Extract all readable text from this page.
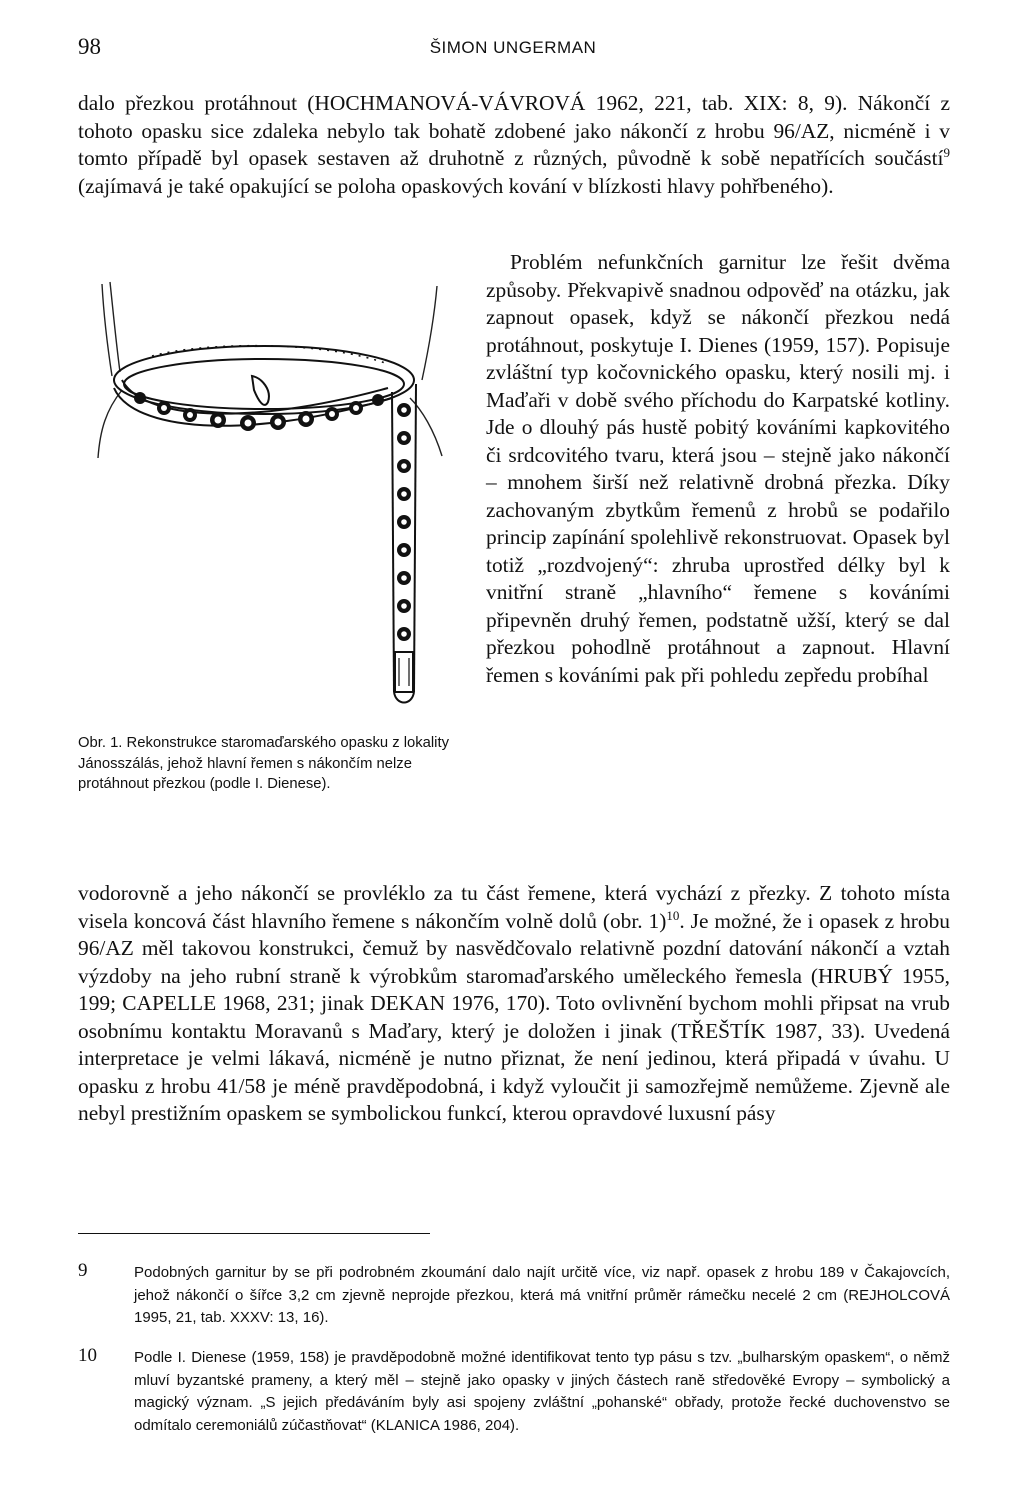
98	ŠIMON UNGERMAN

dalo přezkou protáhnout (HOCHMANOVÁ-VÁVROVÁ 1962, 221, tab. XIX: 8, 9). Nákončí z tohoto opasku sice zdaleka nebylo tak bohatě zdobené jako nákončí z hrobu 96/AZ, nicméně i v tomto případě byl opasek sestaven až druhotně z různých, původně k sobě nepatřících součástí$^9$ (zajímavá je také opakující se poloha opaskových kování v blízkosti hlavy pohřbeného).

Obr. 1. Rekonstrukce staromaďarského opasku z lokality Jánosszálás, jehož hlavní řemen s nákončím nelze protáhnout přezkou (podle I. Dienese).

Problém nefunkčních garnitur lze řešit dvěma způsoby. Překvapivě snadnou odpověď na otázku, jak zapnout opasek, když se nákončí přezkou nedá protáhnout, poskytuje I. Dienes (1959, 157). Popisuje zvláštní typ kočovnického opasku, který nosili mj. i Maďaři v době svého příchodu do Karpatské kotliny. Jde o dlouhý pás hustě pobitý kováními kapkovitého či srdcovitého tvaru, která jsou – stejně jako nákončí – mnohem širší než relativně drobná přezka. Díky zachovaným zbytkům řemenů z hrobů se podařilo princip zapínání spolehlivě rekonstruovat. Opasek byl totiž „rozdvojený“: zhruba uprostřed délky byl k vnitřní straně „hlavního“ řemene s kováními připevněn druhý řemen, podstatně užší, který se dal přezkou pohodlně protáhnout a zapnout. Hlavní řemen s kováními pak při pohledu zepředu probíhal

vodorovně a jeho nákončí se provléklo za tu část řemene, která vychází z přezky. Z tohoto místa visela koncová část hlavního řemene s nákončím volně dolů (obr. 1)$^{10}$. Je možné, že i opasek z hrobu 96/AZ měl takovou konstrukci, čemuž by nasvědčovalo relativně pozdní datování nákončí a vztah výzdoby na jeho rubní straně k výrobkům staromaďarského uměleckého řemesla (HRUBÝ 1955, 199; CAPELLE 1968, 231; jinak DEKAN 1976, 170). Toto ovlivnění bychom mohli připsat na vrub osobnímu kontaktu Moravanů s Maďary, který je doložen i jinak (TŘEŠTÍK 1987, 33). Uvedená interpretace je velmi lákavá, nicméně je nutno přiznat, že není jedinou, která připadá v úvahu. U opasku z hrobu 41/58 je méně pravděpodobná, i když vyloučit ji samozřejmě nemůžeme. Zjevně ale nebyl prestižním opaskem se symbolickou funkcí, kterou opravdové luxusní pásy

9	Podobných garnitur by se při podrobném zkoumání dalo najít určitě více, viz např. opasek z hrobu 189 v Čakajovcích, jehož nákončí o šířce 3,2 cm zjevně neprojde přezkou, která má vnitřní průměr rámečku necelé 2 cm (REJHOLCOVÁ 1995, 21, tab. XXXV: 13, 16).

10 Podle I. Dienese (1959, 158) je pravděpodobně možné identifikovat tento typ pásu s tzv. „bulharským opaskem“, o němž mluví byzantské prameny, a který měl – stejně jako opasky v jiných částech raně středověké Evropy – symbolický a magický význam. „S jejich předáváním byly asi spojeny zvláštní „pohanské“ obřady, protože řecké duchovenstvo se odmítalo ceremoniálů zúčastňovat“ (KLANICA 1986, 204).
